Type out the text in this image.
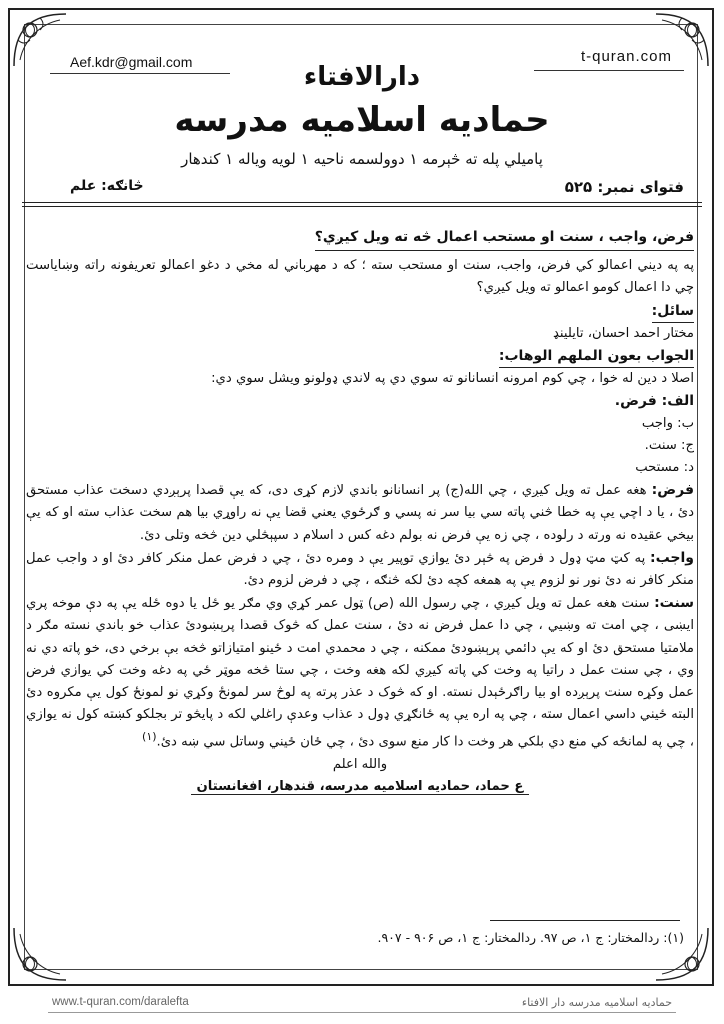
Aef.kdr@gmail.com	t-quran.com
دارالافتاء
حمادیه اسلامیه مدرسه
پامیلي پله ته څېرمه ۱ دوولسمه ناحیه ۱ لویه ویاله ۱ کندهار
فتوای نمبر: ۵۲۵
څانګه: علم

فرض، واجب ، سنت او مستحب اعمال څه ته ویل کیږي؟

په په دیني اعمالو کي فرض، واجب، سنت او مستحب سته ؛ که د مهرباني له مخي د دغو اعمالو تعریفونه راته وښایاست چي دا اعمال کومو اعمالو ته ویل کیږي؟

سائل:

مختار احمد احسان، تایلینډ

الجواب بعون الملهم الوهاب:

اصلا د دین له خوا ، چي کوم امرونه انسانانو ته سوي دي په لاندي ډولونو ویشل سوي دي:

الف: فرض.

ب: واجب

ج: سنت.

د: مستحب

فرض: هغه عمل ته ویل کیږي ، چي الله(ج) پر انسانانو باندي لازم کړی دی، که یې قصدا پرېږدي دسخت عذاب مستحق دئ ، یا د اچي یې په خطا څني پاته سي بیا سر نه پسي و ګرځوي یعني قضا یې نه راوړي بیا هم سخت عذاب سته او که یې بیخي عقیده نه ورته د رلوده ، چي زه یې فرض نه بولم دغه کس د اسلام د سپېڅلي دین څخه وتلی دئ.

واجب: په کټ مټ ډول د فرض په څېر دئ یوازي توپیر یې د ومره دئ ، چي د فرض عمل منکر کافر دئ او د واجب عمل منکر کافر نه دئ نور نو لزوم یې په همغه کچه دئ لکه څنګه ، چي د فرض لزوم دئ.

سنت: سنت هغه عمل ته ویل کیږي ، چي رسول الله (ص) ټول عمر کړي وي مګر یو ځل یا دوه ځله یې په دې موخه پري ایښی ، چي امت ته وښیي ، چي دا عمل فرض نه دئ ، سنت عمل که څوک قصدا پرېښودئ عذاب خو باندي نسته مګر د ملامتیا مستحق دئ او که یې دائمي پرېښودئ ممکنه ، چي د محمدي امت د ځینو امتیازاتو څخه بې برخي دی، خو پاته دي نه وي ، چي سنت عمل د راتیا په وخت کي پاته کیږي لکه هغه وخت ، چي ستا څخه موټر ځي په دغه وخت کي یوازي فرض عمل وکړه سنت پرېږده او بیا راګرځېدل نسته. او که څوک د عذر پرته په لوڅ سر لمونځ وکړي نو لمونځ کول یې مکروه دئ البته ځیني داسي اعمال سته ، چي په اره یې په ځانګړي ډول د عذاب وعدې راغلي لکه د پایڅو تر بجلکو کښته کول نه یوازي ، چي په لمانځه کي منع دي بلکي هر وخت دا کار منع سوی دئ ، چي ځان ځیني وساتل سي ښه دئ.$^{(۱)}$

والله اعلم

ع حماد، حمادیه اسلامیه مدرسه، قندهار، افغانستان

(۱): ردالمختار: ج ۱، ص ۹۷. ردالمختار: ج ۱، ص ۹۰۶ - ۹۰۷.
www.t-quran.com/daralefta	حمادیه اسلامیه مدرسه دار الافتاء
